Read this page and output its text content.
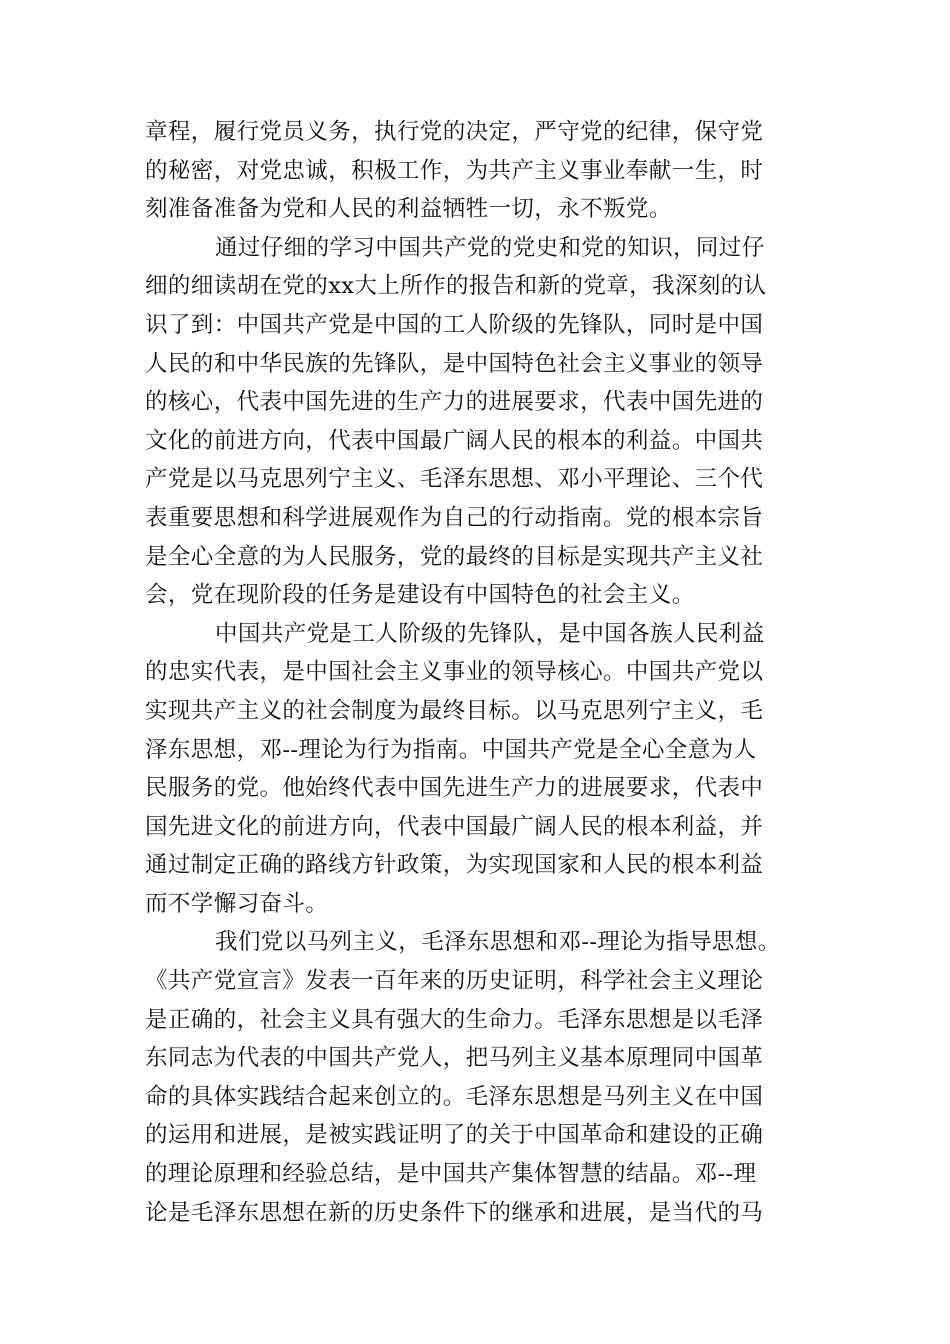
章程，履行党员义务，执行党的决定，严守党的纪律，保守党
的秘密，对党忠诚，积极工作，为共产主义事业奉献一生，时
刻准备准备为党和人民的利益牺牲一切，永不叛党。
通过仔细的学习中国共产党的党史和党的知识，同过仔
细的细读胡在党的xx大上所作的报告和新的党章，我深刻的认
识了到：中国共产党是中国的工人阶级的先锋队，同时是中国
人民的和中华民族的先锋队，是中国特色社会主义事业的领导
的核心，代表中国先进的生产力的进展要求，代表中国先进的
文化的前进方向，代表中国最广阔人民的根本的利益。中国共
产党是以马克思列宁主义、毛泽东思想、邓小平理论、三个代
表重要思想和科学进展观作为自己的行动指南。党的根本宗旨
是全心全意的为人民服务，党的最终的目标是实现共产主义社
会，党在现阶段的任务是建设有中国特色的社会主义。
中国共产党是工人阶级的先锋队，是中国各族人民利益
的忠实代表，是中国社会主义事业的领导核心。中国共产党以
实现共产主义的社会制度为最终目标。以马克思列宁主义，毛
泽东思想，邓--理论为行为指南。中国共产党是全心全意为人
民服务的党。他始终代表中国先进生产力的进展要求，代表中
国先进文化的前进方向，代表中国最广阔人民的根本利益，并
通过制定正确的路线方针政策，为实现国家和人民的根本利益
而不学懈习奋斗。
我们党以马列主义，毛泽东思想和邓--理论为指导思想。
《共产党宣言》发表一百年来的历史证明，科学社会主义理论
是正确的，社会主义具有强大的生命力。毛泽东思想是以毛泽
东同志为代表的中国共产党人，把马列主义基本原理同中国革
命的具体实践结合起来创立的。毛泽东思想是马列主义在中国
的运用和进展，是被实践证明了的关于中国革命和建设的正确
的理论原理和经验总结，是中国共产集体智慧的结晶。邓--理
论是毛泽东思想在新的历史条件下的继承和进展，是当代的马
